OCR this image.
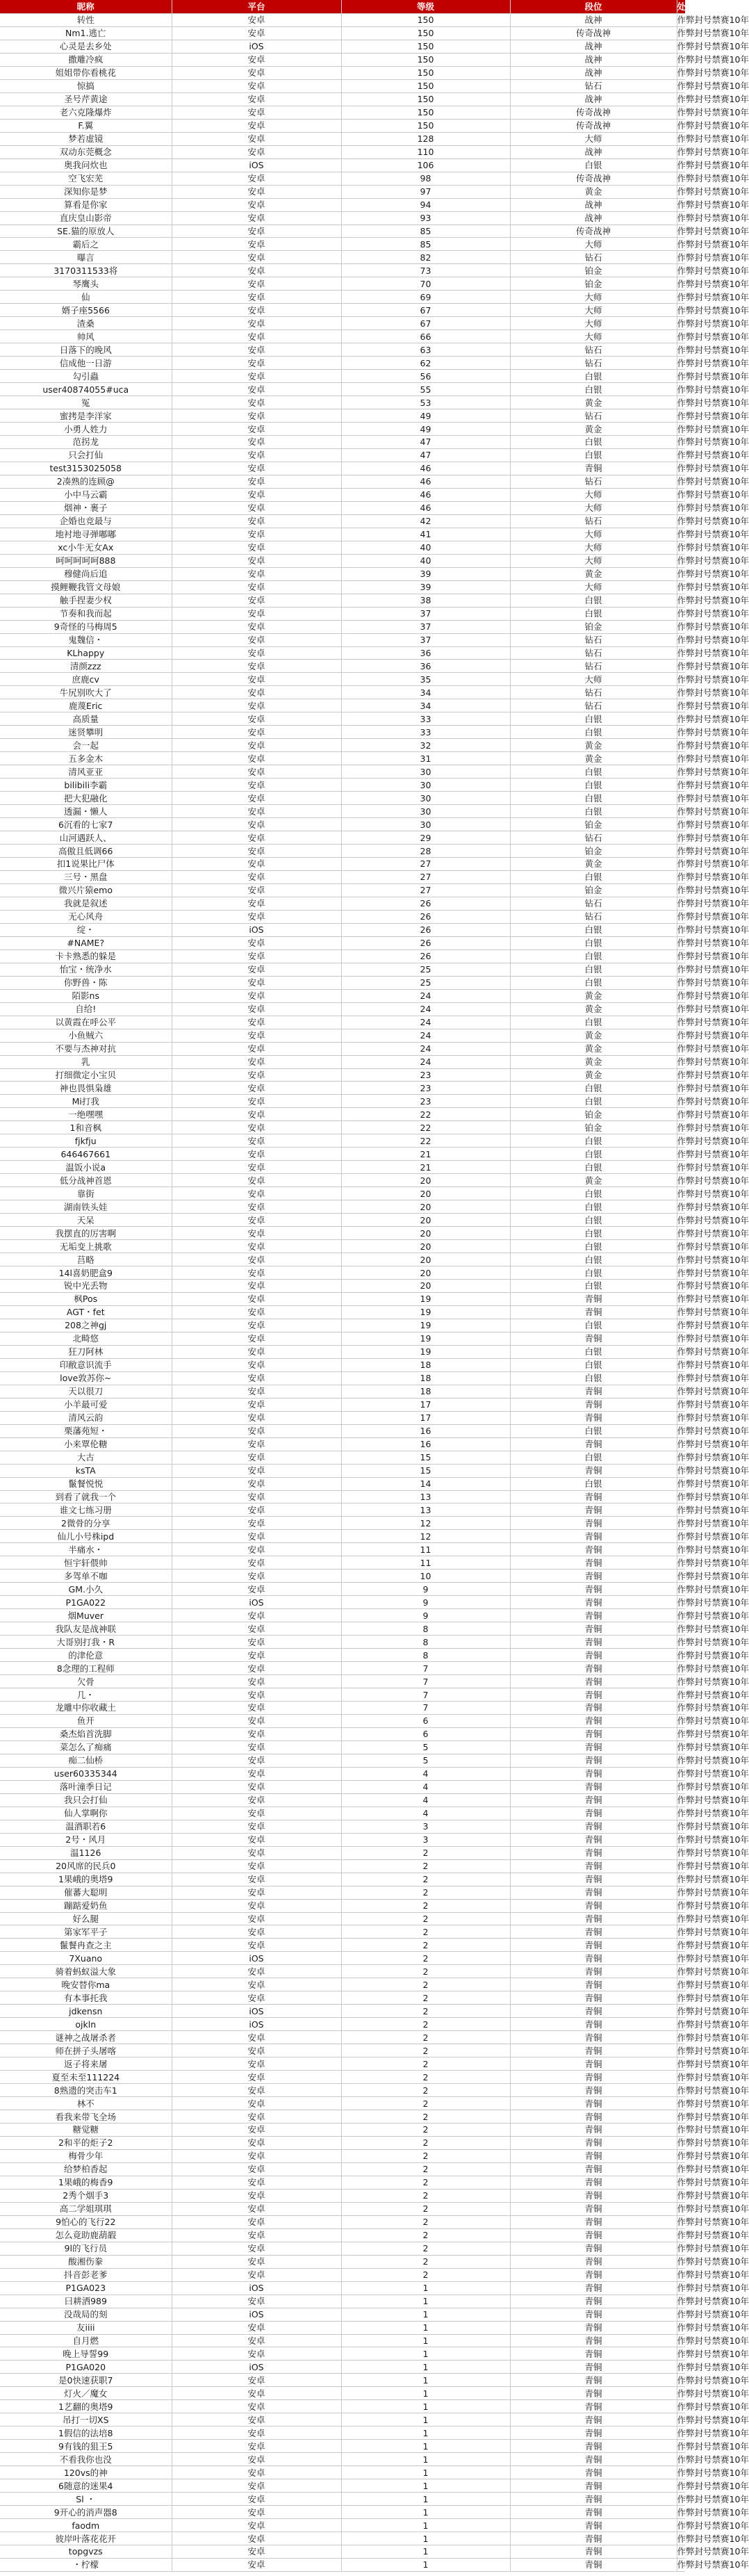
昵称	平台	等级	段位	处罚时长
转性	安卓	150	战神	作弊封号禁赛10年
Nm1.逃亡	安卓	150	传奇战神	作弊封号禁赛10年
心灵是去乡处	iOS	150	战神	作弊封号禁赛10年
撒雕冷疯	安卓	150	战神	作弊封号禁赛10年
姐姐带你看桃花	安卓	150	战神	作弊封号禁赛10年
惊搞	安卓	150	钻石	作弊封号禁赛10年
圣号芹黄途	安卓	150	战神	作弊封号禁赛10年
老六克隆爆炸	安卓	150	传奇战神	作弊封号禁赛10年
F.翼	安卓	150	传奇战神	作弊封号禁赛10年
梦若虚镜	安卓	128	大师	作弊封号禁赛10年
双动东莞概念	安卓	110	战神	作弊封号禁赛10年
奥我问炊也	iOS	106	白银	作弊封号禁赛10年
空飞宏芜	安卓	98	传奇战神	作弊封号禁赛10年
深知你是梦	安卓	97	黄金	作弊封号禁赛10年
算看是你家	安卓	94	战神	作弊封号禁赛10年
直庆皇山影帝	安卓	93	战神	作弊封号禁赛10年
SE.猫的原放人	安卓	85	传奇战神	作弊封号禁赛10年
霸后之	安卓	85	大师	作弊封号禁赛10年
曝言	安卓	82	钻石	作弊封号禁赛10年
3170311533将	安卓	73	铂金	作弊封号禁赛10年
琴鹰头	安卓	70	铂金	作弊封号禁赛10年
仙	安卓	69	大师	作弊封号禁赛10年
婿子座5566	安卓	67	大师	作弊封号禁赛10年
渣桑	安卓	67	大师	作弊封号禁赛10年
帅风	安卓	66	大师	作弊封号禁赛10年
日落下的晚风	安卓	63	钻石	作弊封号禁赛10年
信成他一日游	安卓	62	钻石	作弊封号禁赛10年
勾引蟲	安卓	56	白银	作弊封号禁赛10年
user40874055#uca	安卓	55	白银	作弊封号禁赛10年
冤	安卓	53	黄金	作弊封号禁赛10年
蜜拷是李洋家	安卓	49	钻石	作弊封号禁赛10年
小勇人姓力	安卓	49	黄金	作弊封号禁赛10年
范拐龙	安卓	47	白银	作弊封号禁赛10年
只会打仙	安卓	47	白银	作弊封号禁赛10年
test3153025058	安卓	46	青铜	作弊封号禁赛10年
2凑熟的连顾@	安卓	46	钻石	作弊封号禁赛10年
小中马云霸	安卓	46	大师	作弊封号禁赛10年
烟神・裹子	安卓	46	大师	作弊封号禁赛10年
企婚也竞最与	安卓	42	钻石	作弊封号禁赛10年
地衬地寻弹嘟嘟	安卓	41	大师	作弊封号禁赛10年
xc小牛无女Ax	安卓	40	大师	作弊封号禁赛10年
呵呵呵呵呵888	安卓	40	大师	作弊封号禁赛10年
穆健尚后追	安卓	39	黄金	作弊封号禁赛10年
摸鲤鞭我管文母娘	安卓	39	大师	作弊封号禁赛10年
触手捏妻少权	安卓	38	白银	作弊封号禁赛10年
节奏和我而起	安卓	37	白银	作弊封号禁赛10年
9奇怪的马梅周5	安卓	37	铂金	作弊封号禁赛10年
鬼魏信・	安卓	37	钻石	作弊封号禁赛10年
KLhappy	安卓	36	钻石	作弊封号禁赛10年
清颜zzz	安卓	36	钻石	作弊封号禁赛10年
庶鹿cv	安卓	35	大师	作弊封号禁赛10年
牛尻别吹大了	安卓	34	钻石	作弊封号禁赛10年
鹿蔑Eric	安卓	34	钻石	作弊封号禁赛10年
高质量	安卓	33	白银	作弊封号禁赛10年
迷贤攀明	安卓	33	白银	作弊封号禁赛10年
会一起	安卓	32	黄金	作弊封号禁赛10年
五多金木	安卓	31	黄金	作弊封号禁赛10年
清风亚亚	安卓	30	白银	作弊封号禁赛10年
bilibili李霸	安卓	30	白银	作弊封号禁赛10年
把大犯融化	安卓	30	白银	作弊封号禁赛10年
透漏・懒人	安卓	30	白银	作弊封号禁赛10年
6沉看的七家7	安卓	30	铂金	作弊封号禁赛10年
山河遇跃人、	安卓	29	钻石	作弊封号禁赛10年
高傲且低调66	安卓	28	铂金	作弊封号禁赛10年
扣1说果比尸体	安卓	27	黄金	作弊封号禁赛10年
三号・黑盘	安卓	27	白银	作弊封号禁赛10年
微兴片猿emo	安卓	27	铂金	作弊封号禁赛10年
我就是叙述	安卓	26	钻石	作弊封号禁赛10年
无心风舟	安卓	26	钻石	作弊封号禁赛10年
绽・	iOS	26	白银	作弊封号禁赛10年
#NAME?	安卓	26	白银	作弊封号禁赛10年
卡卡熟悉的躲是	安卓	26	白银	作弊封号禁赛10年
怡宝・统净水	安卓	25	白银	作弊封号禁赛10年
你野兽・陈	安卓	25	白银	作弊封号禁赛10年
陌影ns	安卓	24	黄金	作弊封号禁赛10年
自给!	安卓	24	黄金	作弊封号禁赛10年
以黄霞在呼公平	安卓	24	白银	作弊封号禁赛10年
小鱼贼六	安卓	24	黄金	作弊封号禁赛10年
不要与杰神对抗	安卓	24	黄金	作弊封号禁赛10年
乳	安卓	24	黄金	作弊封号禁赛10年
打细微定小宝贝	安卓	23	黄金	作弊封号禁赛10年
神也畏惧枭雄	安卓	23	白银	作弊封号禁赛10年
Mi打我	安卓	23	白银	作弊封号禁赛10年
一绝嘿嘿	安卓	22	铂金	作弊封号禁赛10年
1和音枫	安卓	22	铂金	作弊封号禁赛10年
fjkfju	安卓	22	白银	作弊封号禁赛10年
646467661	安卓	21	白银	作弊封号禁赛10年
温饭小说a	安卓	21	白银	作弊封号禁赛10年
低分战神首恩	安卓	20	黄金	作弊封号禁赛10年
靠街	安卓	20	白银	作弊封号禁赛10年
湖南铁头娃	安卓	20	白银	作弊封号禁赛10年
天呆	安卓	20	白银	作弊封号禁赛10年
我摆直的厉害啊	安卓	20	白银	作弊封号禁赛10年
无垢变上挑歌	安卓	20	白银	作弊封号禁赛10年
莒略	安卓	20	白银	作弊封号禁赛10年
14l喜奶肥盒9	安卓	20	白银	作弊封号禁赛10年
锐中光丢物	安卓	20	白银	作弊封号禁赛10年
枫Pos	安卓	19	青铜	作弊封号禁赛10年
AGT・fet	安卓	19	青铜	作弊封号禁赛10年
208之神gj	安卓	19	白银	作弊封号禁赛10年
北畸悠	安卓	19	青铜	作弊封号禁赛10年
狂刀阿林	安卓	19	白银	作弊封号禁赛10年
印敝意识流手	安卓	18	白银	作弊封号禁赛10年
love敦苏你~	安卓	18	白银	作弊封号禁赛10年
天以很刀	安卓	18	青铜	作弊封号禁赛10年
小羊最可爱	安卓	17	青铜	作弊封号禁赛10年
清风云韵	安卓	17	青铜	作弊封号禁赛10年
栗藩苑短・	安卓	16	白银	作弊封号禁赛10年
小来覃伦糖	安卓	16	青铜	作弊封号禁赛10年
大古	安卓	15	白银	作弊封号禁赛10年
ksTA	安卓	15	青铜	作弊封号禁赛10年
鬣餐悦悦	安卓	14	白银	作弊封号禁赛10年
到看了就我一个	安卓	13	青铜	作弊封号禁赛10年
谁文七练习册	安卓	13	青铜	作弊封号禁赛10年
2微骨的分享	安卓	12	青铜	作弊封号禁赛10年
仙儿小号株ipd	安卓	12	青铜	作弊封号禁赛10年
半痛水・	安卓	11	青铜	作弊封号禁赛10年
恒宇轩偎帅	安卓	11	青铜	作弊封号禁赛10年
多驾单不咖	安卓	10	青铜	作弊封号禁赛10年
GM.小久	安卓	9	青铜	作弊封号禁赛10年
P1GA022	iOS	9	青铜	作弊封号禁赛10年
烟Muver	安卓	9	青铜	作弊封号禁赛10年
我队友是战神联	安卓	8	青铜	作弊封号禁赛10年
大哥别打我・R	安卓	8	青铜	作弊封号禁赛10年
的津伦意	安卓	8	青铜	作弊封号禁赛10年
8念理的工程师	安卓	7	青铜	作弊封号禁赛10年
欠骨	安卓	7	青铜	作弊封号禁赛10年
几・	安卓	7	青铜	作弊封号禁赛10年
龙雕中你收藏土	安卓	7	青铜	作弊封号禁赛10年
鱼开	安卓	6	青铜	作弊封号禁赛10年
桑杰焰首洗脚	安卓	6	青铜	作弊封号禁赛10年
菜怎么了痴痛	安卓	5	青铜	作弊封号禁赛10年
痴二仙桥	安卓	5	青铜	作弊封号禁赛10年
user60335344	安卓	4	青铜	作弊封号禁赛10年
落叶潼季日记	安卓	4	青铜	作弊封号禁赛10年
我只会打仙	安卓	4	青铜	作弊封号禁赛10年
仙人掌啊你	安卓	4	青铜	作弊封号禁赛10年
温酒职若6	安卓	3	青铜	作弊封号禁赛10年
2号・风月	安卓	3	青铜	作弊封号禁赛10年
温1126	安卓	2	青铜	作弊封号禁赛10年
20风席的民兵0	安卓	2	青铜	作弊封号禁赛10年
1果峨的奥塔9	安卓	2	青铜	作弊封号禁赛10年
催蕃大聪明	安卓	2	青铜	作弊封号禁赛10年
蹦踮爱奶鱼	安卓	2	青铜	作弊封号禁赛10年
好么腿	安卓	2	青铜	作弊封号禁赛10年
第家军平子	安卓	2	青铜	作弊封号禁赛10年
鬣餐冉查之主	安卓	2	青铜	作弊封号禁赛10年
7Xuano	iOS	2	青铜	作弊封号禁赛10年
骑着蚂蚁溢大象	安卓	2	青铜	作弊封号禁赛10年
晚安替你ma	安卓	2	青铜	作弊封号禁赛10年
有本事托我	安卓	2	青铜	作弊封号禁赛10年
jdkensn	iOS	2	青铜	作弊封号禁赛10年
ojkln	iOS	2	青铜	作弊封号禁赛10年
谜神之战屠杀者	安卓	2	青铜	作弊封号禁赛10年
师在拼子头屠喀	安卓	2	青铜	作弊封号禁赛10年
返子将来屠	安卓	2	青铜	作弊封号禁赛10年
夏至未至111224	安卓	2	青铜	作弊封号禁赛10年
8熟遗的突击车1	安卓	2	青铜	作弊封号禁赛10年
林不	安卓	2	青铜	作弊封号禁赛10年
看我来带飞全场	安卓	2	青铜	作弊封号禁赛10年
糖觉糖	安卓	2	青铜	作弊封号禁赛10年
2和平的炬子2	安卓	2	青铜	作弊封号禁赛10年
梅骨少年	安卓	2	青铜	作弊封号禁赛10年
给梦柏香起	安卓	2	青铜	作弊封号禁赛10年
1果峨的梅香9	安卓	2	青铜	作弊封号禁赛10年
2秀个烟手3	安卓	2	青铜	作弊封号禁赛10年
高二学姐琪琪	安卓	2	青铜	作弊封号禁赛10年
9怕心的飞行22	安卓	2	青铜	作弊封号禁赛10年
怎么竟助鹿葫嘏	安卓	2	青铜	作弊封号禁赛10年
9l的飞行员	安卓	2	青铜	作弊封号禁赛10年
酸湘伤豢	安卓	2	青铜	作弊封号禁赛10年
抖音彭老爹	安卓	2	青铜	作弊封号禁赛10年
P1GA023	iOS	1	青铜	作弊封号禁赛10年
曰耕洒989	安卓	1	青铜	作弊封号禁赛10年
没哉局的刻	iOS	1	青铜	作弊封号禁赛10年
友iiii	安卓	1	青铜	作弊封号禁赛10年
自月燃	安卓	1	青铜	作弊封号禁赛10年
晚上导誓99	安卓	1	青铜	作弊封号禁赛10年
P1GA020	iOS	1	青铜	作弊封号禁赛10年
是0快速获职7	安卓	1	青铜	作弊封号禁赛10年
灯火／魔女	安卓	1	青铜	作弊封号禁赛10年
1艺翻的奥塔9	安卓	1	青铜	作弊封号禁赛10年
吊打一切XS	安卓	1	青铜	作弊封号禁赛10年
1假信的法培8	安卓	1	青铜	作弊封号禁赛10年
9有钱的狙王5	安卓	1	青铜	作弊封号禁赛10年
不看我你也没	安卓	1	青铜	作弊封号禁赛10年
120vs的神	安卓	1	青铜	作弊封号禁赛10年
6随意的迷果4	安卓	1	青铜	作弊封号禁赛10年
Sl ・	安卓	1	青铜	作弊封号禁赛10年
9开心的消声器8	安卓	1	青铜	作弊封号禁赛10年
faodm	安卓	1	青铜	作弊封号禁赛10年
彼岸叶落花花开	安卓	1	青铜	作弊封号禁赛10年
topgvzs	安卓	1	青铜	作弊封号禁赛10年
・柠檬	安卓	1	青铜	作弊封号禁赛10年
